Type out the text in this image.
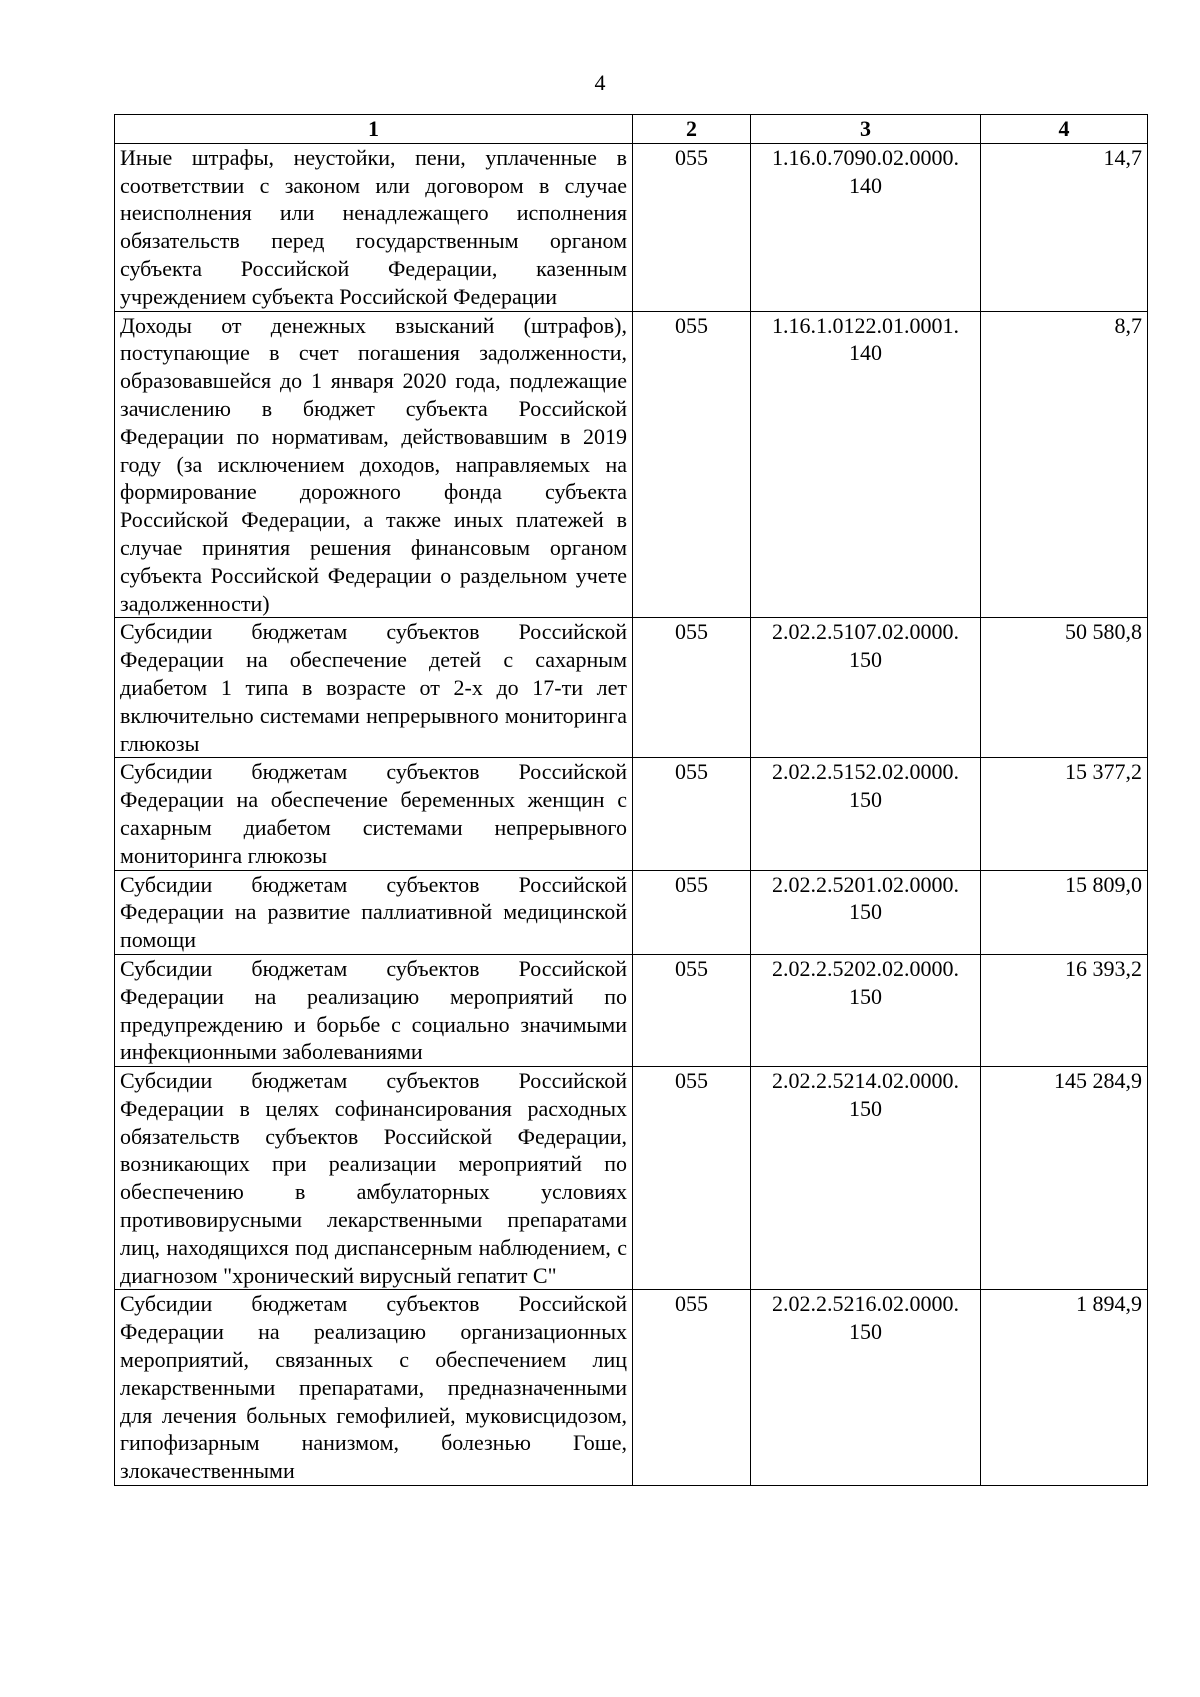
4
1	2	3	4
Иные штрафы, неустойки, пени, уплаченные в соответствии с законом или договором в случае неисполнения или ненадлежащего исполнения обязательств перед государственным органом субъекта Российской Федерации, казенным учреждением субъекта Российской Федерации	055	1.16.0.7090.02.0000. 140	14,7
Доходы от денежных взысканий (штрафов), поступающие в счет погашения задолженности, образовавшейся до 1 января 2020 года, подлежащие зачислению в бюджет субъекта Российской Федерации по нормативам, действовавшим в 2019 году (за исключением доходов, направляемых на формирование дорожного фонда субъекта Российской Федерации, а также иных платежей в случае принятия решения финансовым органом субъекта Российской Федерации о раздельном учете задолженности)	055	1.16.1.0122.01.0001. 140	8,7
Субсидии бюджетам субъектов Российской Федерации на обеспечение детей с сахарным диабетом 1 типа в возрасте от 2-х до 17-ти лет включительно системами непрерывного мониторинга глюкозы	055	2.02.2.5107.02.0000. 150	50 580,8
Субсидии бюджетам субъектов Российской Федерации на обеспечение беременных женщин с сахарным диабетом системами непрерывного мониторинга глюкозы	055	2.02.2.5152.02.0000. 150	15 377,2
Субсидии бюджетам субъектов Российской Федерации на развитие паллиативной медицинской помощи	055	2.02.2.5201.02.0000. 150	15 809,0
Субсидии бюджетам субъектов Российской Федерации на реализацию мероприятий по предупреждению и борьбе с социально значимыми инфекционными заболеваниями	055	2.02.2.5202.02.0000. 150	16 393,2
Субсидии бюджетам субъектов Российской Федерации в целях софинансирования расходных обязательств субъектов Российской Федерации, возникающих при реализации мероприятий по обеспечению в амбулаторных условиях противовирусными лекарственными препаратами лиц, находящихся под диспансерным наблюдением, с диагнозом "хронический вирусный гепатит С"	055	2.02.2.5214.02.0000. 150	145 284,9
Субсидии бюджетам субъектов Российской Федерации на реализацию организационных мероприятий, связанных с обеспечением лиц лекарственными препаратами, предназначенными для лечения больных гемофилией, муковисцидозом, гипофизарным нанизмом, болезнью Гоше, злокачественными	055	2.02.2.5216.02.0000. 150	1 894,9
